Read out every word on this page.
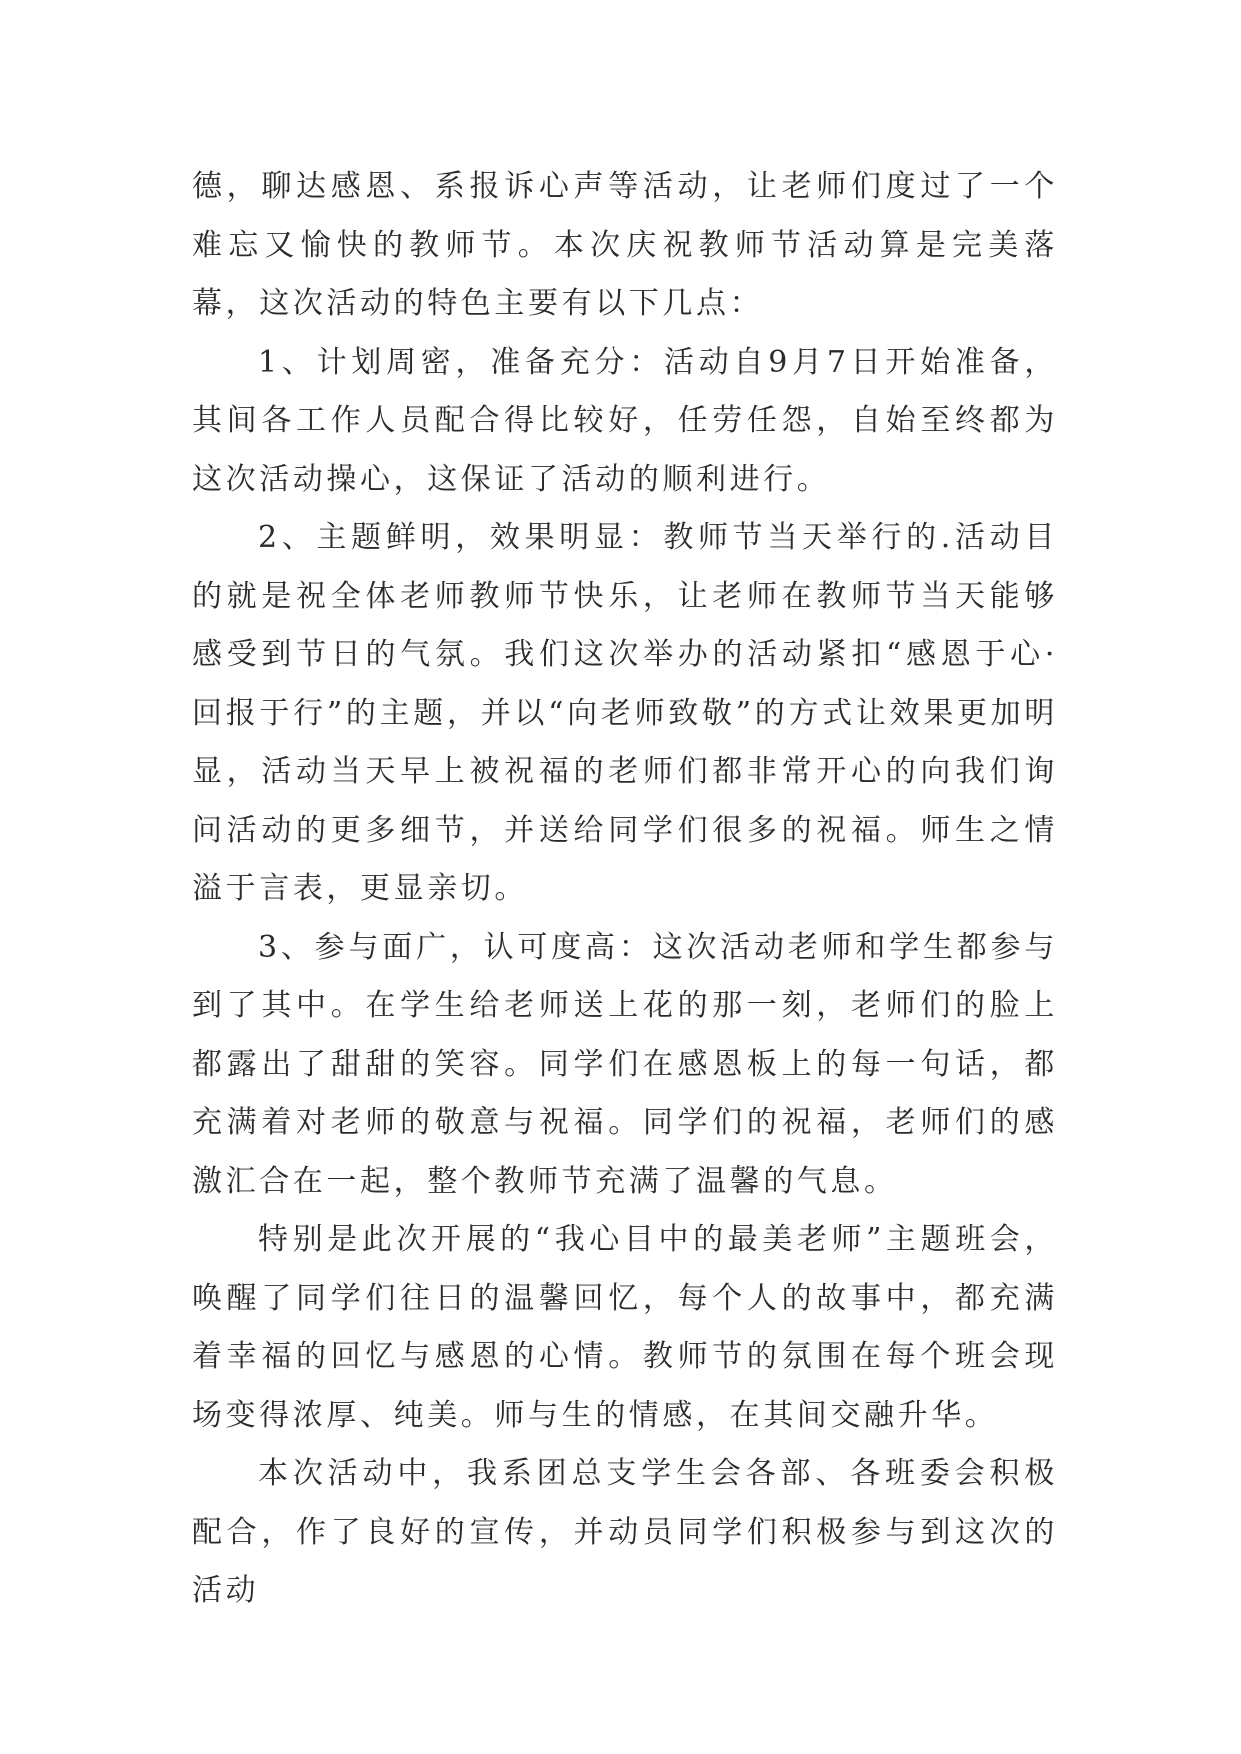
德，聊达感恩、系报诉心声等活动，让老师们度过了一个难忘又愉快的教师节。本次庆祝教师节活动算是完美落幕，这次活动的特色主要有以下几点：

1、计划周密，准备充分：活动自9月7日开始准备，其间各工作人员配合得比较好，任劳任怨，自始至终都为这次活动操心，这保证了活动的顺利进行。

2、主题鲜明，效果明显：教师节当天举行的.活动目的就是祝全体老师教师节快乐，让老师在教师节当天能够感受到节日的气氛。我们这次举办的活动紧扣“感恩于心·回报于行”的主题，并以“向老师致敬”的方式让效果更加明显，活动当天早上被祝福的老师们都非常开心的向我们询问活动的更多细节，并送给同学们很多的祝福。师生之情溢于言表，更显亲切。

3、参与面广，认可度高：这次活动老师和学生都参与到了其中。在学生给老师送上花的那一刻，老师们的脸上都露出了甜甜的笑容。同学们在感恩板上的每一句话，都充满着对老师的敬意与祝福。同学们的祝福，老师们的感激汇合在一起，整个教师节充满了温馨的气息。

特别是此次开展的“我心目中的最美老师”主题班会，唤醒了同学们往日的温馨回忆，每个人的故事中，都充满着幸福的回忆与感恩的心情。教师节的氛围在每个班会现场变得浓厚、纯美。师与生的情感，在其间交融升华。

本次活动中，我系团总支学生会各部、各班委会积极配合，作了良好的宣传，并动员同学们积极参与到这次的活动
